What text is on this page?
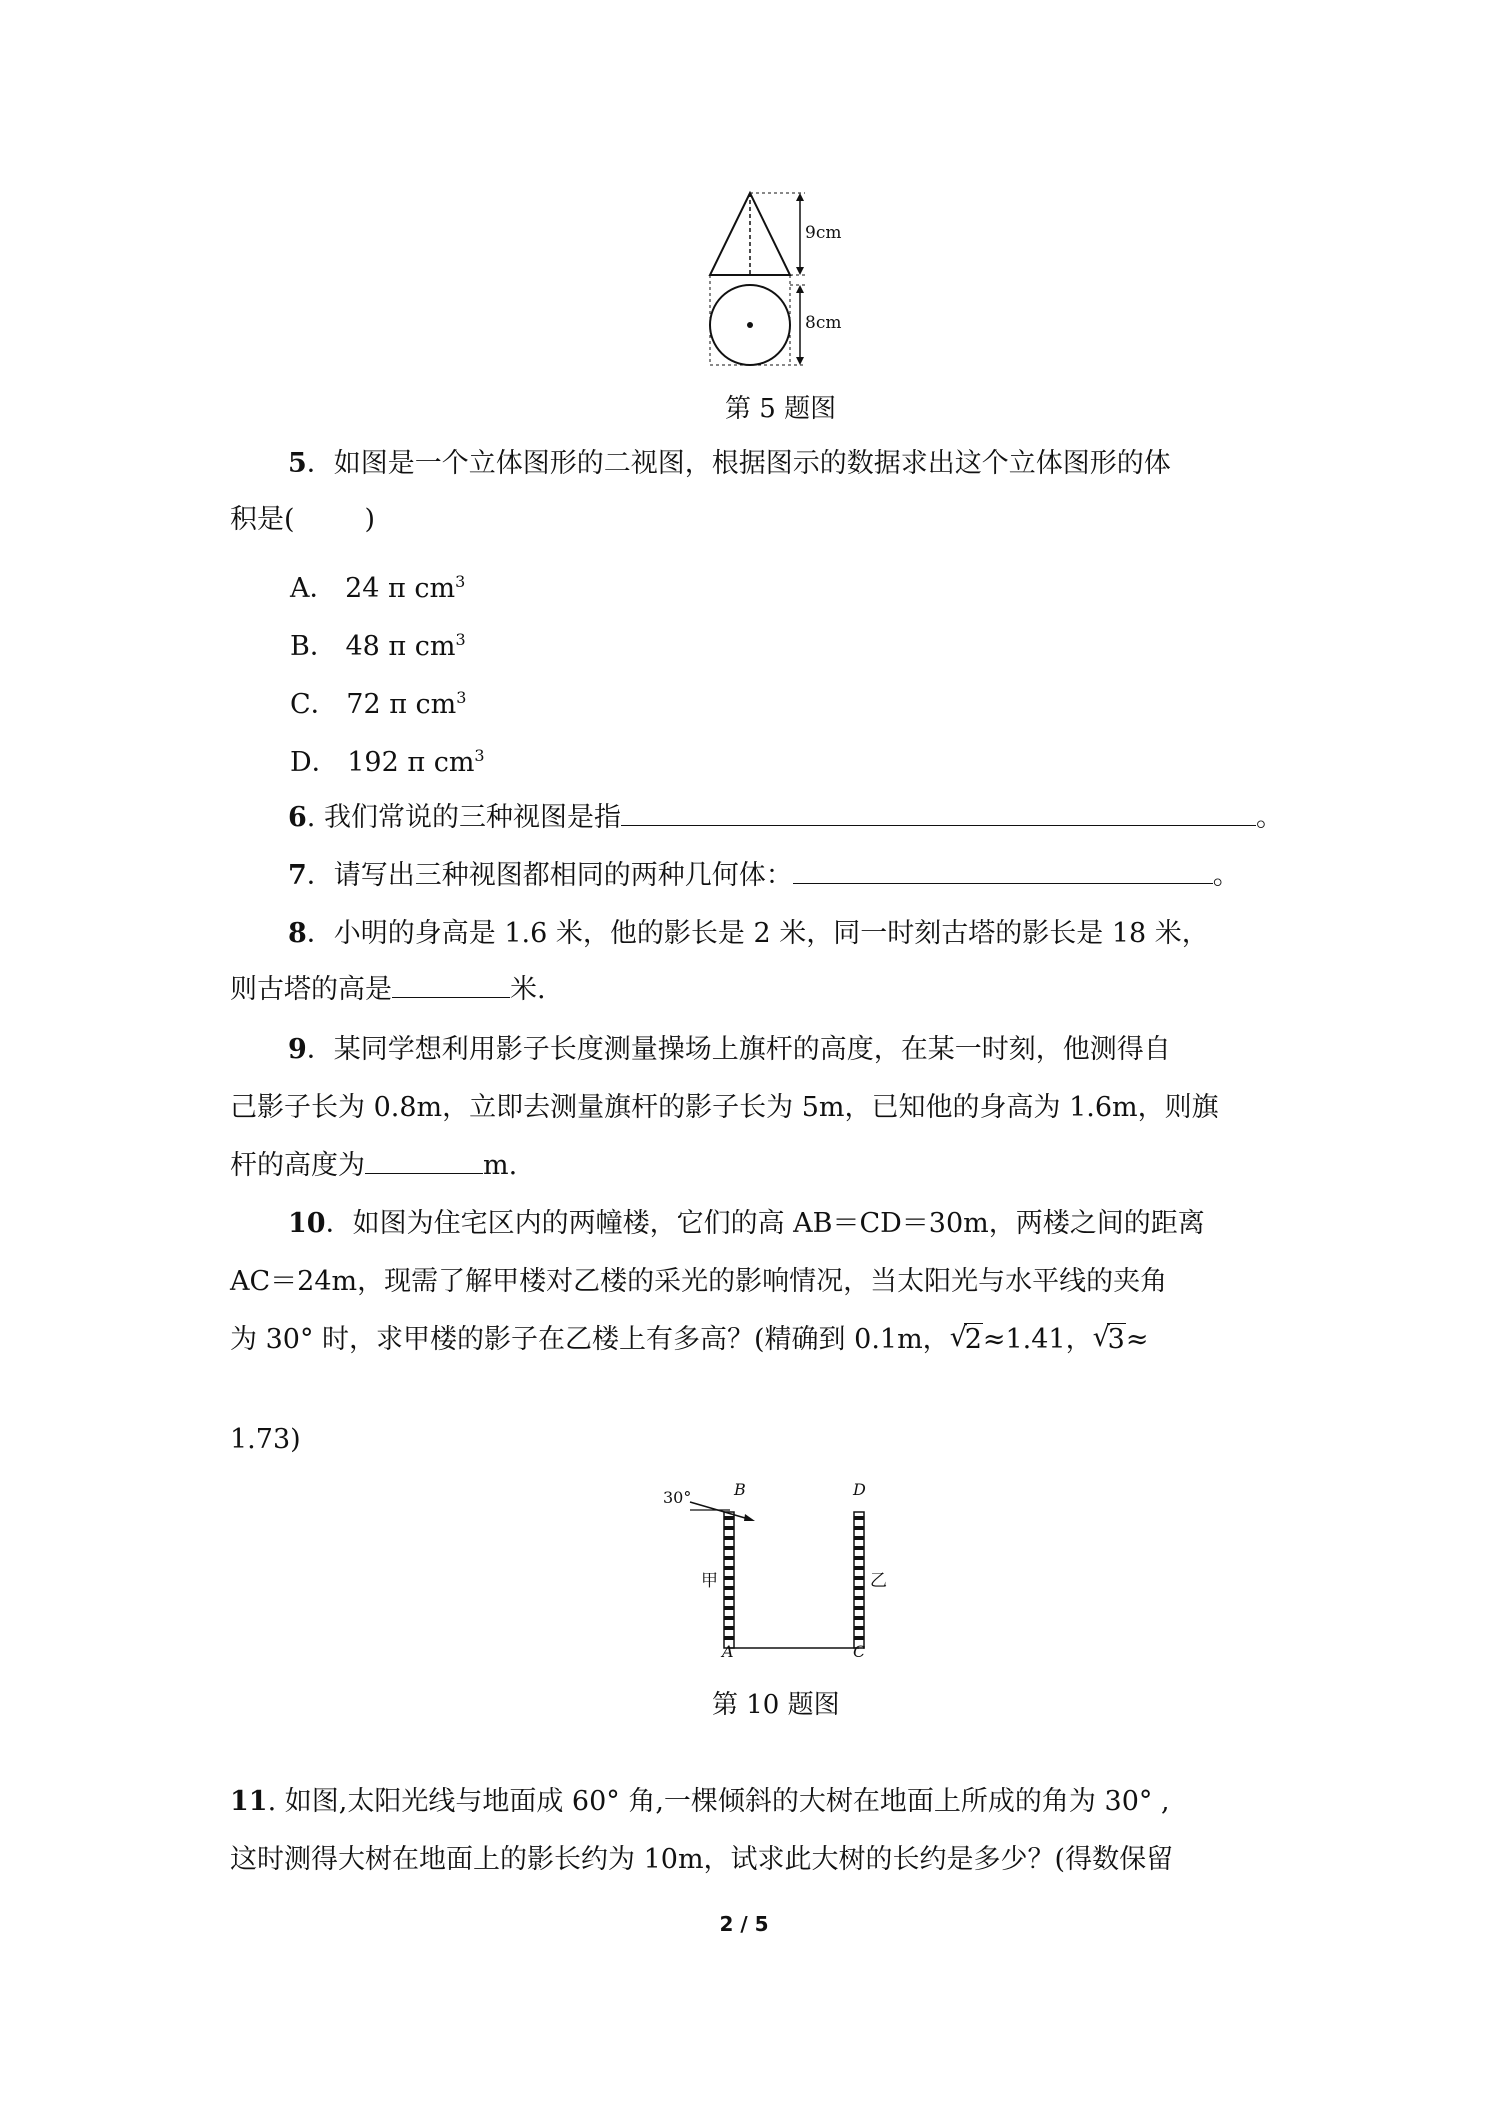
9cm
8cm
第 5 题图
5．如图是一个立体图形的二视图，根据图示的数据求出这个立体图形的体
积是(	)
A． 24 π $cm^3$
B． 48 π $cm^3$
C． 72 π $cm^3$
D． 192 π $cm^3$
6. 我们常说的三种视图是指	。
7．请写出三种视图都相同的两种几何体：	。
8．小明的身高是 1.6 米，他的影长是 2 米，同一时刻古塔的影长是 18 米，
则古塔的高是	米.
9．某同学想利用影子长度测量操场上旗杆的高度，在某一时刻，他测得自
己影子长为 0.8m，立即去测量旗杆的影子长为 5m，已知他的身高为 1.6m，则旗
杆的高度为	m.
10．如图为住宅区内的两幢楼，它们的高 AB＝CD＝30m，两楼之间的距离
AC＝24m，现需了解甲楼对乙楼的采光的影响情况，当太阳光与水平线的夹角
为 30° 时，求甲楼的影子在乙楼上有多高？(精确到 0.1m， √
2≈1.41， √
3≈
1.73)
30°	B	D
甲	乙
A	C
第 10 题图
11. 如图,太阳光线与地面成 60° 角,一棵倾斜的大树在地面上所成的角为 30° ,
这时测得大树在地面上的影长约为 10m，试求此大树的长约是多少？(得数保留
2 / 5
